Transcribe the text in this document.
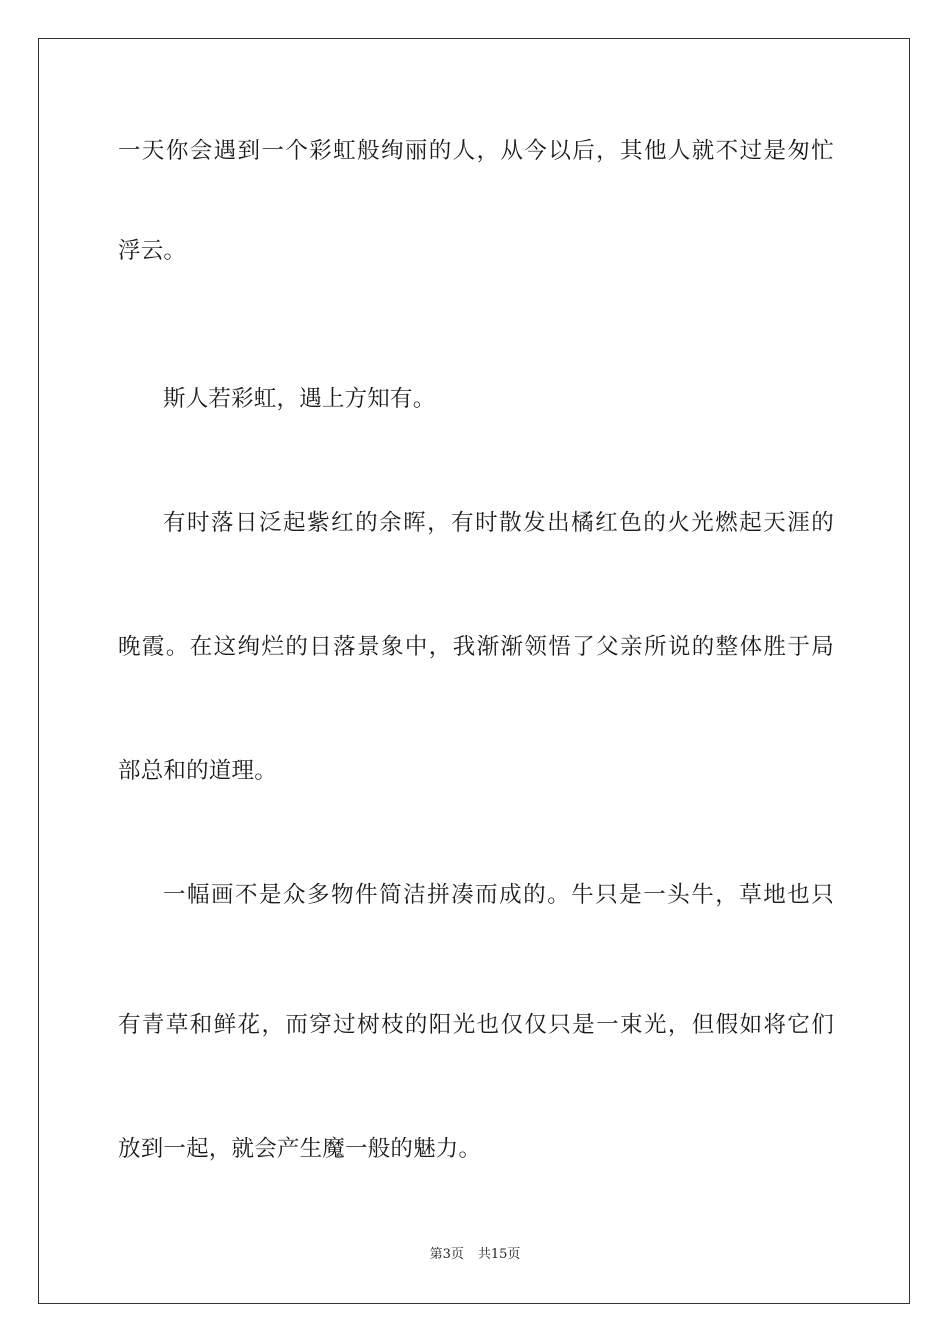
一天你会遇到一个彩虹般绚丽的人，从今以后，其他人就不过是匆忙
浮云。
斯人若彩虹，遇上方知有。
有时落日泛起紫红的余晖，有时散发出橘红色的火光燃起天涯的
晚霞。在这绚烂的日落景象中，我渐渐领悟了父亲所说的整体胜于局
部总和的道理。
一幅画不是众多物件简洁拼凑而成的。牛只是一头牛，草地也只
有青草和鲜花，而穿过树枝的阳光也仅仅只是一束光，但假如将它们
放到一起，就会产生魔一般的魅力。
第3页 共15页
